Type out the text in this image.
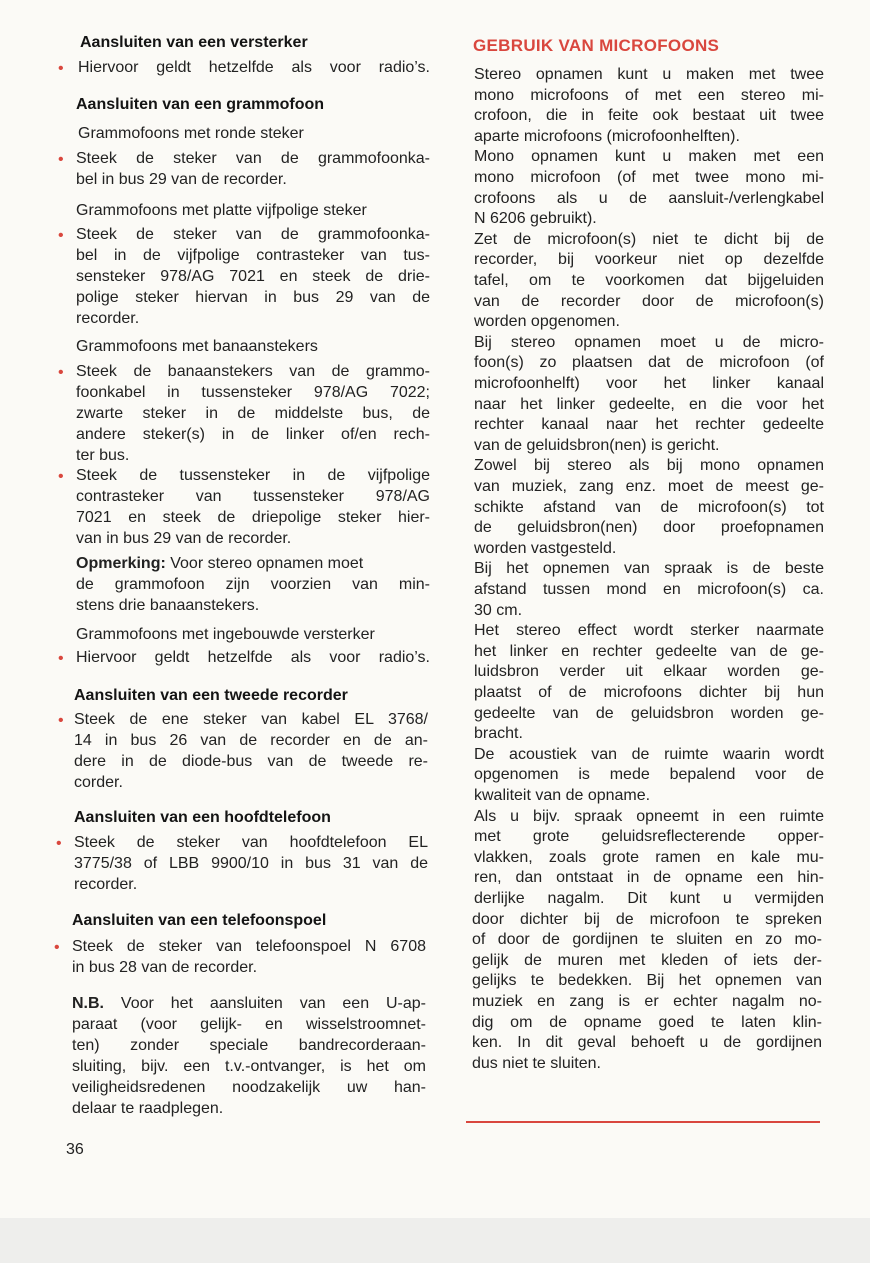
Aansluiten van een versterker
• Hiervoor geldt hetzelfde als voor radio’s.
Aansluiten van een grammofoon
Grammofoons met ronde steker
• Steek de steker van de grammofoonka-
bel in bus 29 van de recorder.
Grammofoons met platte vijfpolige steker
• Steek de steker van de grammofoonka-
bel in de vijfpolige contrasteker van tus-
sensteker 978/AG 7021 en steek de drie-
polige steker hiervan in bus 29 van de
recorder.
Grammofoons met banaanstekers
• Steek de banaanstekers van de grammo-
foonkabel in tussensteker 978/AG 7022;
zwarte steker in de middelste bus, de
andere steker(s) in de linker of/en rech-
ter bus.
• Steek de tussensteker in de vijfpolige
contrasteker van tussensteker 978/AG
7021 en steek de driepolige steker hier-
van in bus 29 van de recorder.
Opmerking: Voor stereo opnamen moet
de grammofoon zijn voorzien van min-
stens drie banaanstekers.
Grammofoons met ingebouwde versterker
• Hiervoor geldt hetzelfde als voor radio’s.
Aansluiten van een tweede recorder
• Steek de ene steker van kabel EL 3768/
14 in bus 26 van de recorder en de an-
dere in de diode-bus van de tweede re-
corder.
Aansluiten van een hoofdtelefoon
• Steek de steker van hoofdtelefoon EL
3775/38 of LBB 9900/10 in bus 31 van de
recorder.
Aansluiten van een telefoonspoel
• Steek de steker van telefoonspoel N 6708
in bus 28 van de recorder.
N.B. Voor het aansluiten van een U-ap-
paraat (voor gelijk- en wisselstroomnet-
ten) zonder speciale bandrecorderaan-
sluiting, bijv. een t.v.-ontvanger, is het om
veiligheidsredenen noodzakelijk uw han-
delaar te raadplegen.
36
GEBRUIK VAN MICROFOONS
Stereo opnamen kunt u maken met twee
mono microfoons of met een stereo mi-
crofoon, die in feite ook bestaat uit twee
aparte microfoons (microfoonhelften).
Mono opnamen kunt u maken met een
mono microfoon (of met twee mono mi-
crofoons als u de aansluit-/verlengkabel
N 6206 gebruikt).
Zet de microfoon(s) niet te dicht bij de
recorder, bij voorkeur niet op dezelfde
tafel, om te voorkomen dat bijgeluiden
van de recorder door de microfoon(s)
worden opgenomen.
Bij stereo opnamen moet u de micro-
foon(s) zo plaatsen dat de microfoon (of
microfoonhelft) voor het linker kanaal
naar het linker gedeelte, en die voor het
rechter kanaal naar het rechter gedeelte
van de geluidsbron(nen) is gericht.
Zowel bij stereo als bij mono opnamen
van muziek, zang enz. moet de meest ge-
schikte afstand van de microfoon(s) tot
de geluidsbron(nen) door proefopnamen
worden vastgesteld.
Bij het opnemen van spraak is de beste
afstand tussen mond en microfoon(s) ca.
30 cm.
Het stereo effect wordt sterker naarmate
het linker en rechter gedeelte van de ge-
luidsbron verder uit elkaar worden ge-
plaatst of de microfoons dichter bij hun
gedeelte van de geluidsbron worden ge-
bracht.
De acoustiek van de ruimte waarin wordt
opgenomen is mede bepalend voor de
kwaliteit van de opname.
Als u bijv. spraak opneemt in een ruimte
met grote geluidsreflecterende opper-
vlakken, zoals grote ramen en kale mu-
ren, dan ontstaat in de opname een hin-
derlijke nagalm. Dit kunt u vermijden
door dichter bij de microfoon te spreken
of door de gordijnen te sluiten en zo mo-
gelijk de muren met kleden of iets der-
gelijks te bedekken. Bij het opnemen van
muziek en zang is er echter nagalm no-
dig om de opname goed te laten klin-
ken. In dit geval behoeft u de gordijnen
dus niet te sluiten.
